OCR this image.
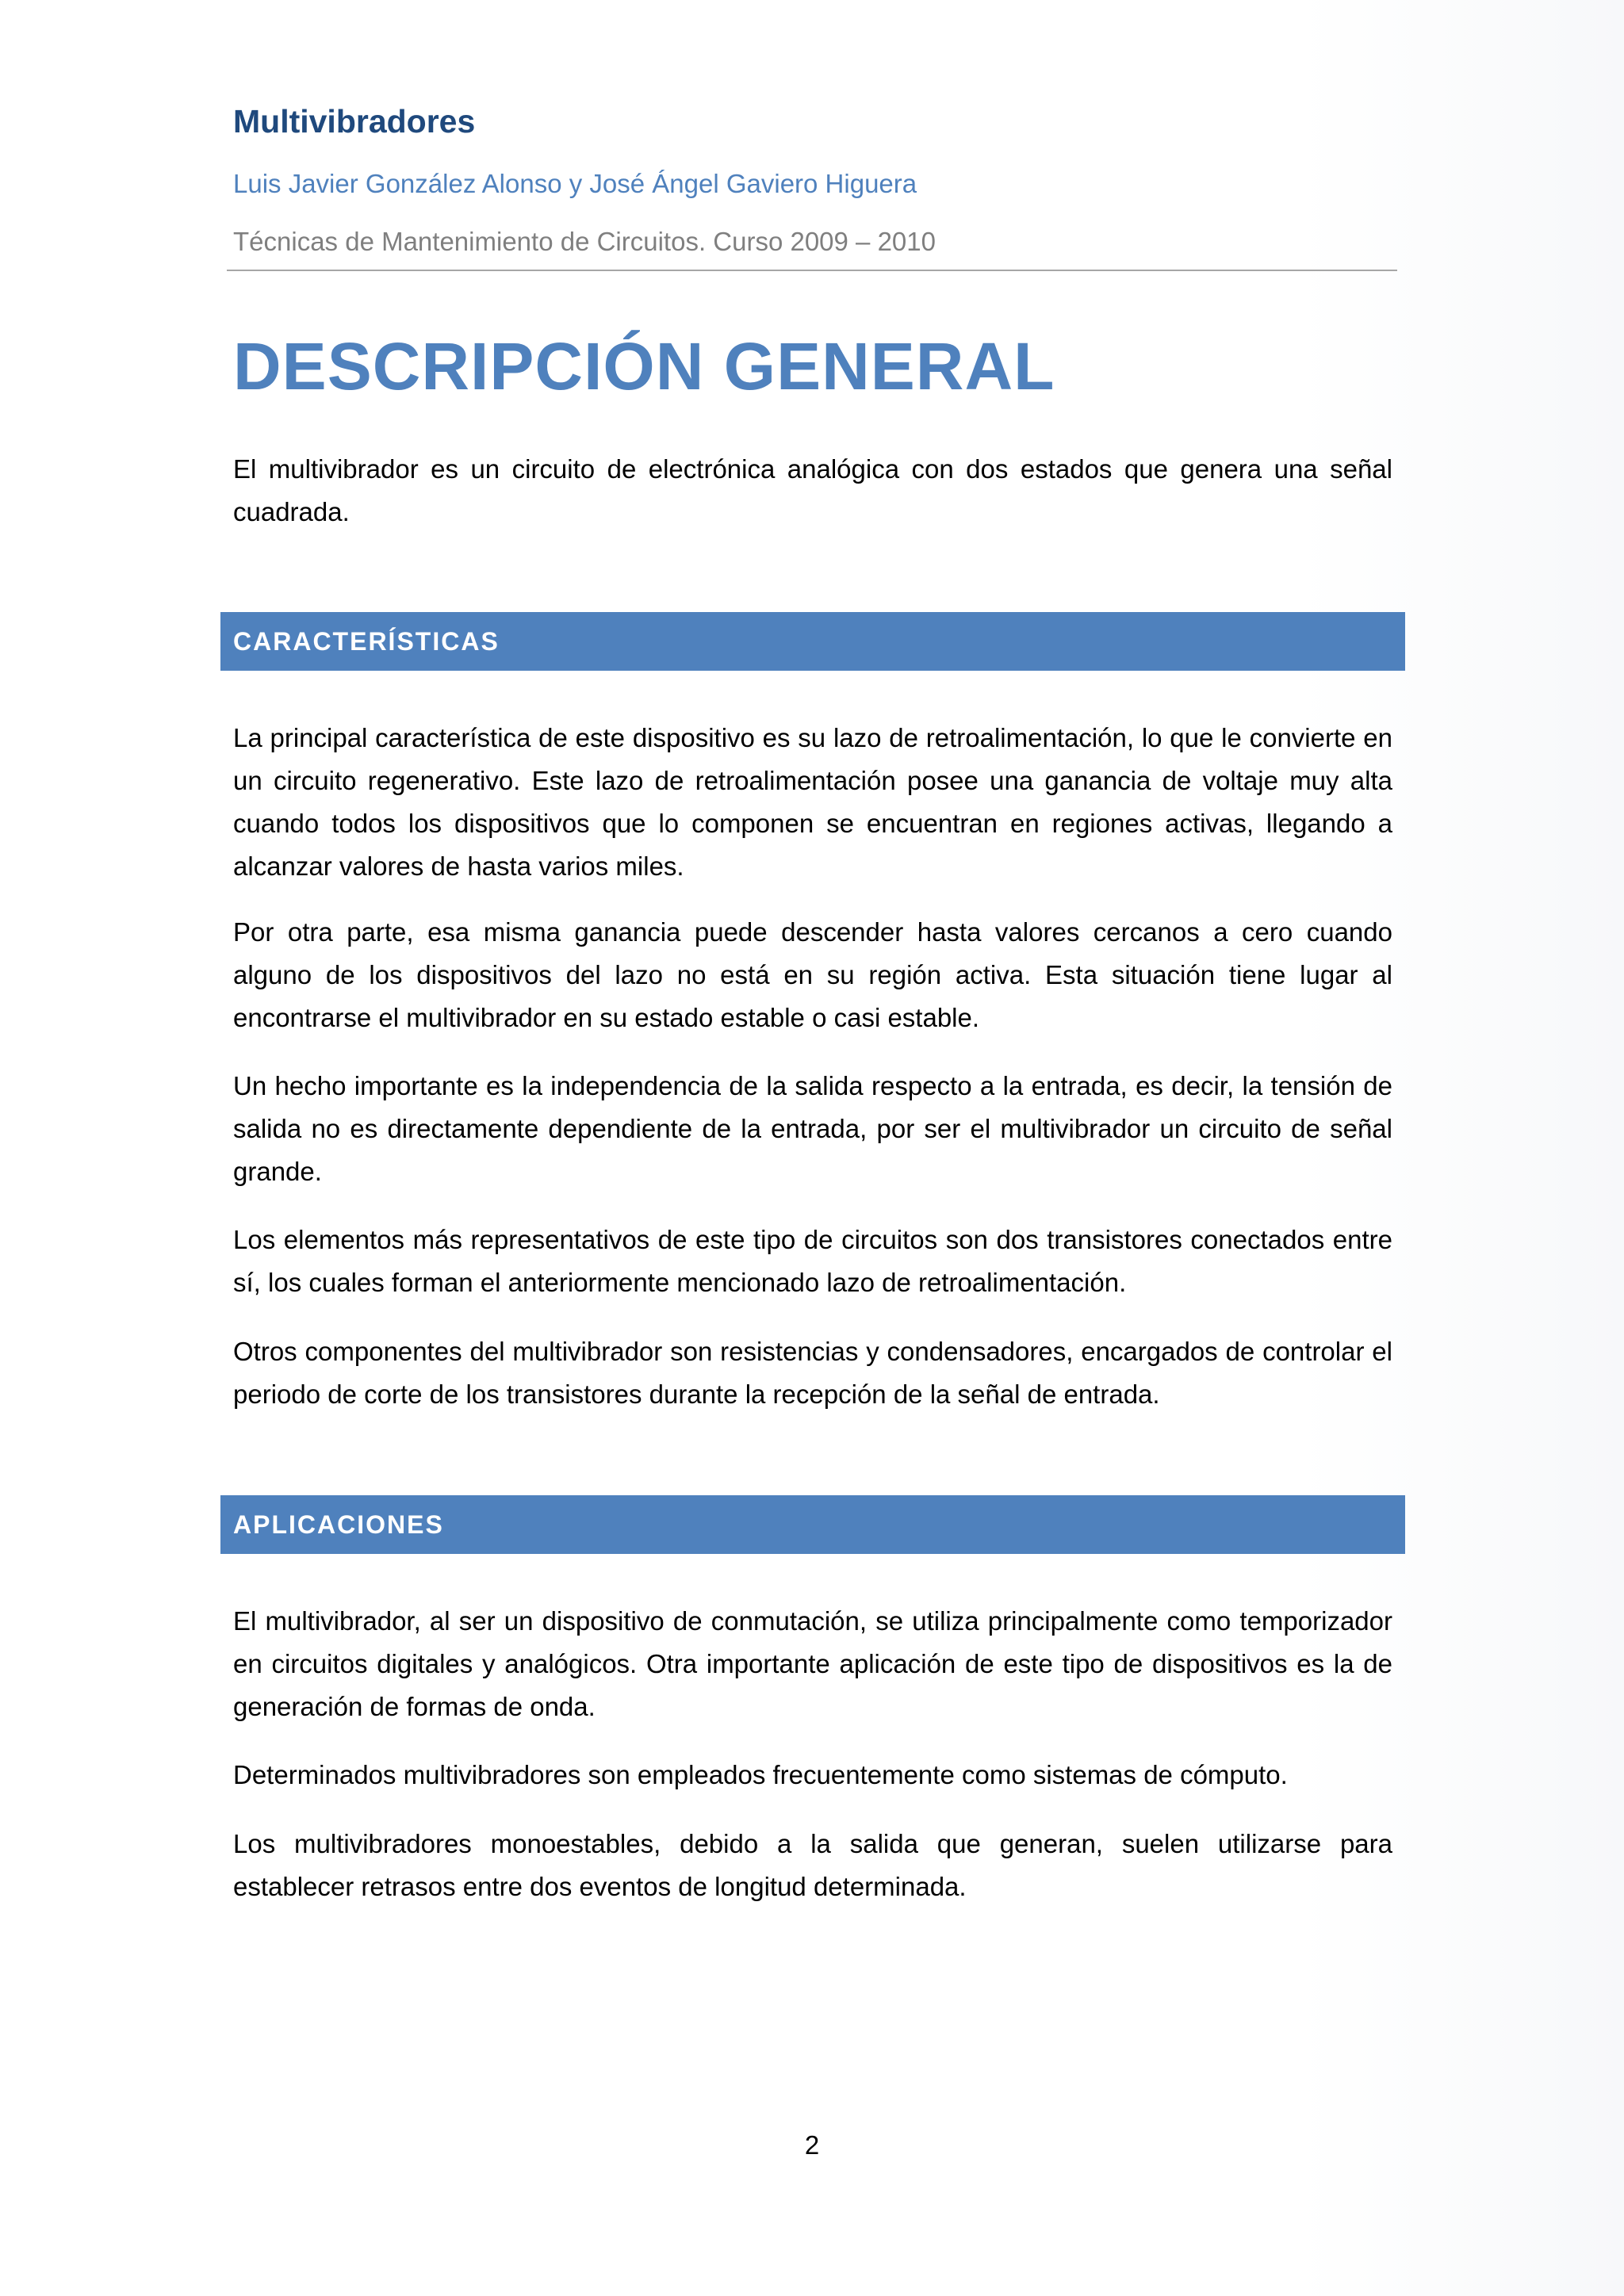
Multivibradores
Luis Javier González Alonso y José Ángel Gaviero Higuera
Técnicas de Mantenimiento de Circuitos. Curso 2009 – 2010
DESCRIPCIÓN GENERAL

El multivibrador es un circuito de electrónica analógica con dos estados que genera una señal cuadrada.

CARACTERÍSTICAS

La principal característica de este dispositivo es su lazo de retroalimentación, lo que le convierte en un circuito regenerativo. Este lazo de retroalimentación posee una ganancia de voltaje muy alta cuando todos los dispositivos que lo componen se encuentran en regiones activas, llegando a alcanzar valores de hasta varios miles.

Por otra parte, esa misma ganancia puede descender hasta valores cercanos a cero cuando alguno de los dispositivos del lazo no está en su región activa. Esta situación tiene lugar al encontrarse el multivibrador en su estado estable o casi estable.

Un hecho importante es la independencia de la salida respecto a la entrada, es decir, la tensión de salida no es directamente dependiente de la entrada, por ser el multivibrador un circuito de señal grande.

Los elementos más representativos de este tipo de circuitos son dos transistores conectados entre sí, los cuales forman el anteriormente mencionado lazo de retroalimentación.

Otros componentes del multivibrador son resistencias y condensadores, encargados de controlar el periodo de corte de los transistores durante la recepción de la señal de entrada.

APLICACIONES

El multivibrador, al ser un dispositivo de conmutación, se utiliza principalmente como temporizador en circuitos digitales y analógicos. Otra importante aplicación de este tipo de dispositivos es la de generación de formas de onda.

Determinados multivibradores son empleados frecuentemente como sistemas de cómputo.

Los multivibradores monoestables, debido a la salida que generan, suelen utilizarse para establecer retrasos entre dos eventos de longitud determinada.

2
